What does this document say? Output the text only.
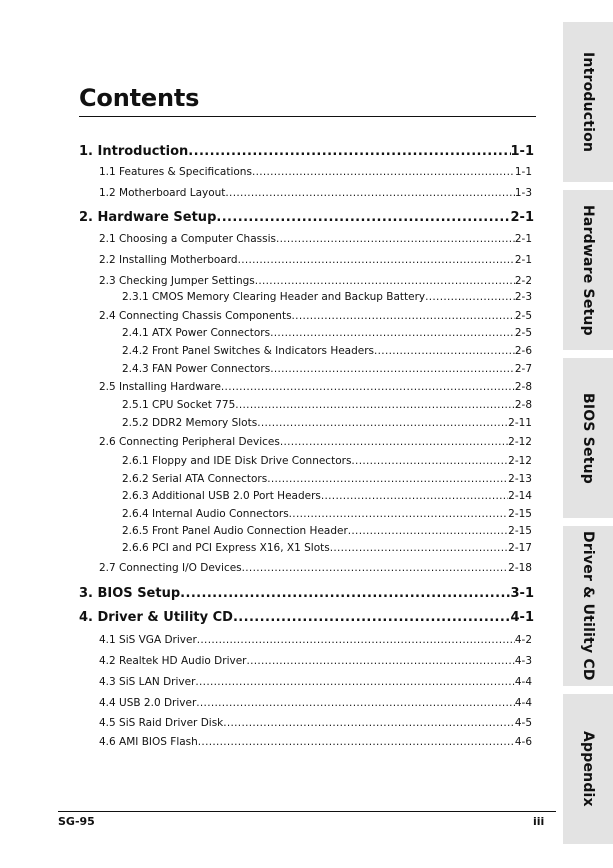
Contents
1. Introduction .....	1-1
1.1 Features & Specifications .....	1-1
1.2 Motherboard Layout .....	1-3
2. Hardware Setup .....	2-1
2.1 Choosing a Computer Chassis .....	2-1
2.2 Installing Motherboard .....	2-1
2.3 Checking Jumper Settings .....	2-2
2.3.1 CMOS Memory Clearing Header and Backup Battery .....	2-3
2.4 Connecting Chassis Components .....	2-5
2.4.1 ATX Power Connectors .....	2-5
2.4.2 Front Panel Switches & Indicators Headers .....	2-6
2.4.3 FAN Power Connectors .....	2-7
2.5 Installing Hardware .....	2-8
2.5.1 CPU Socket 775 .....	2-8
2.5.2 DDR2 Memory Slots .....	2-11
2.6 Connecting Peripheral Devices .....	2-12
2.6.1 Floppy and IDE Disk Drive Connectors .....	2-12
2.6.2 Serial ATA Connectors .....	2-13
2.6.3 Additional USB 2.0 Port Headers .....	2-14
2.6.4 Internal Audio Connectors .....	2-15
2.6.5 Front Panel Audio Connection Header .....	2-15
2.6.6 PCI and PCI Express X16, X1 Slots .....	2-17
2.7 Connecting I/O Devices .....	2-18
3. BIOS Setup .....	3-1
4. Driver & Utility CD .....	4-1
4.1 SiS VGA Driver .....	4-2
4.2 Realtek HD Audio Driver .....	4-3
4.3 SiS LAN Driver .....	4-4
4.4 USB 2.0 Driver .....	4-4
4.5 SiS Raid Driver Disk .....	4-5
4.6 AMI BIOS Flash .....	4-6
Introduction
Hardware Setup
BIOS Setup
Driver & Utility CD
Appendix
SG-95	iii
